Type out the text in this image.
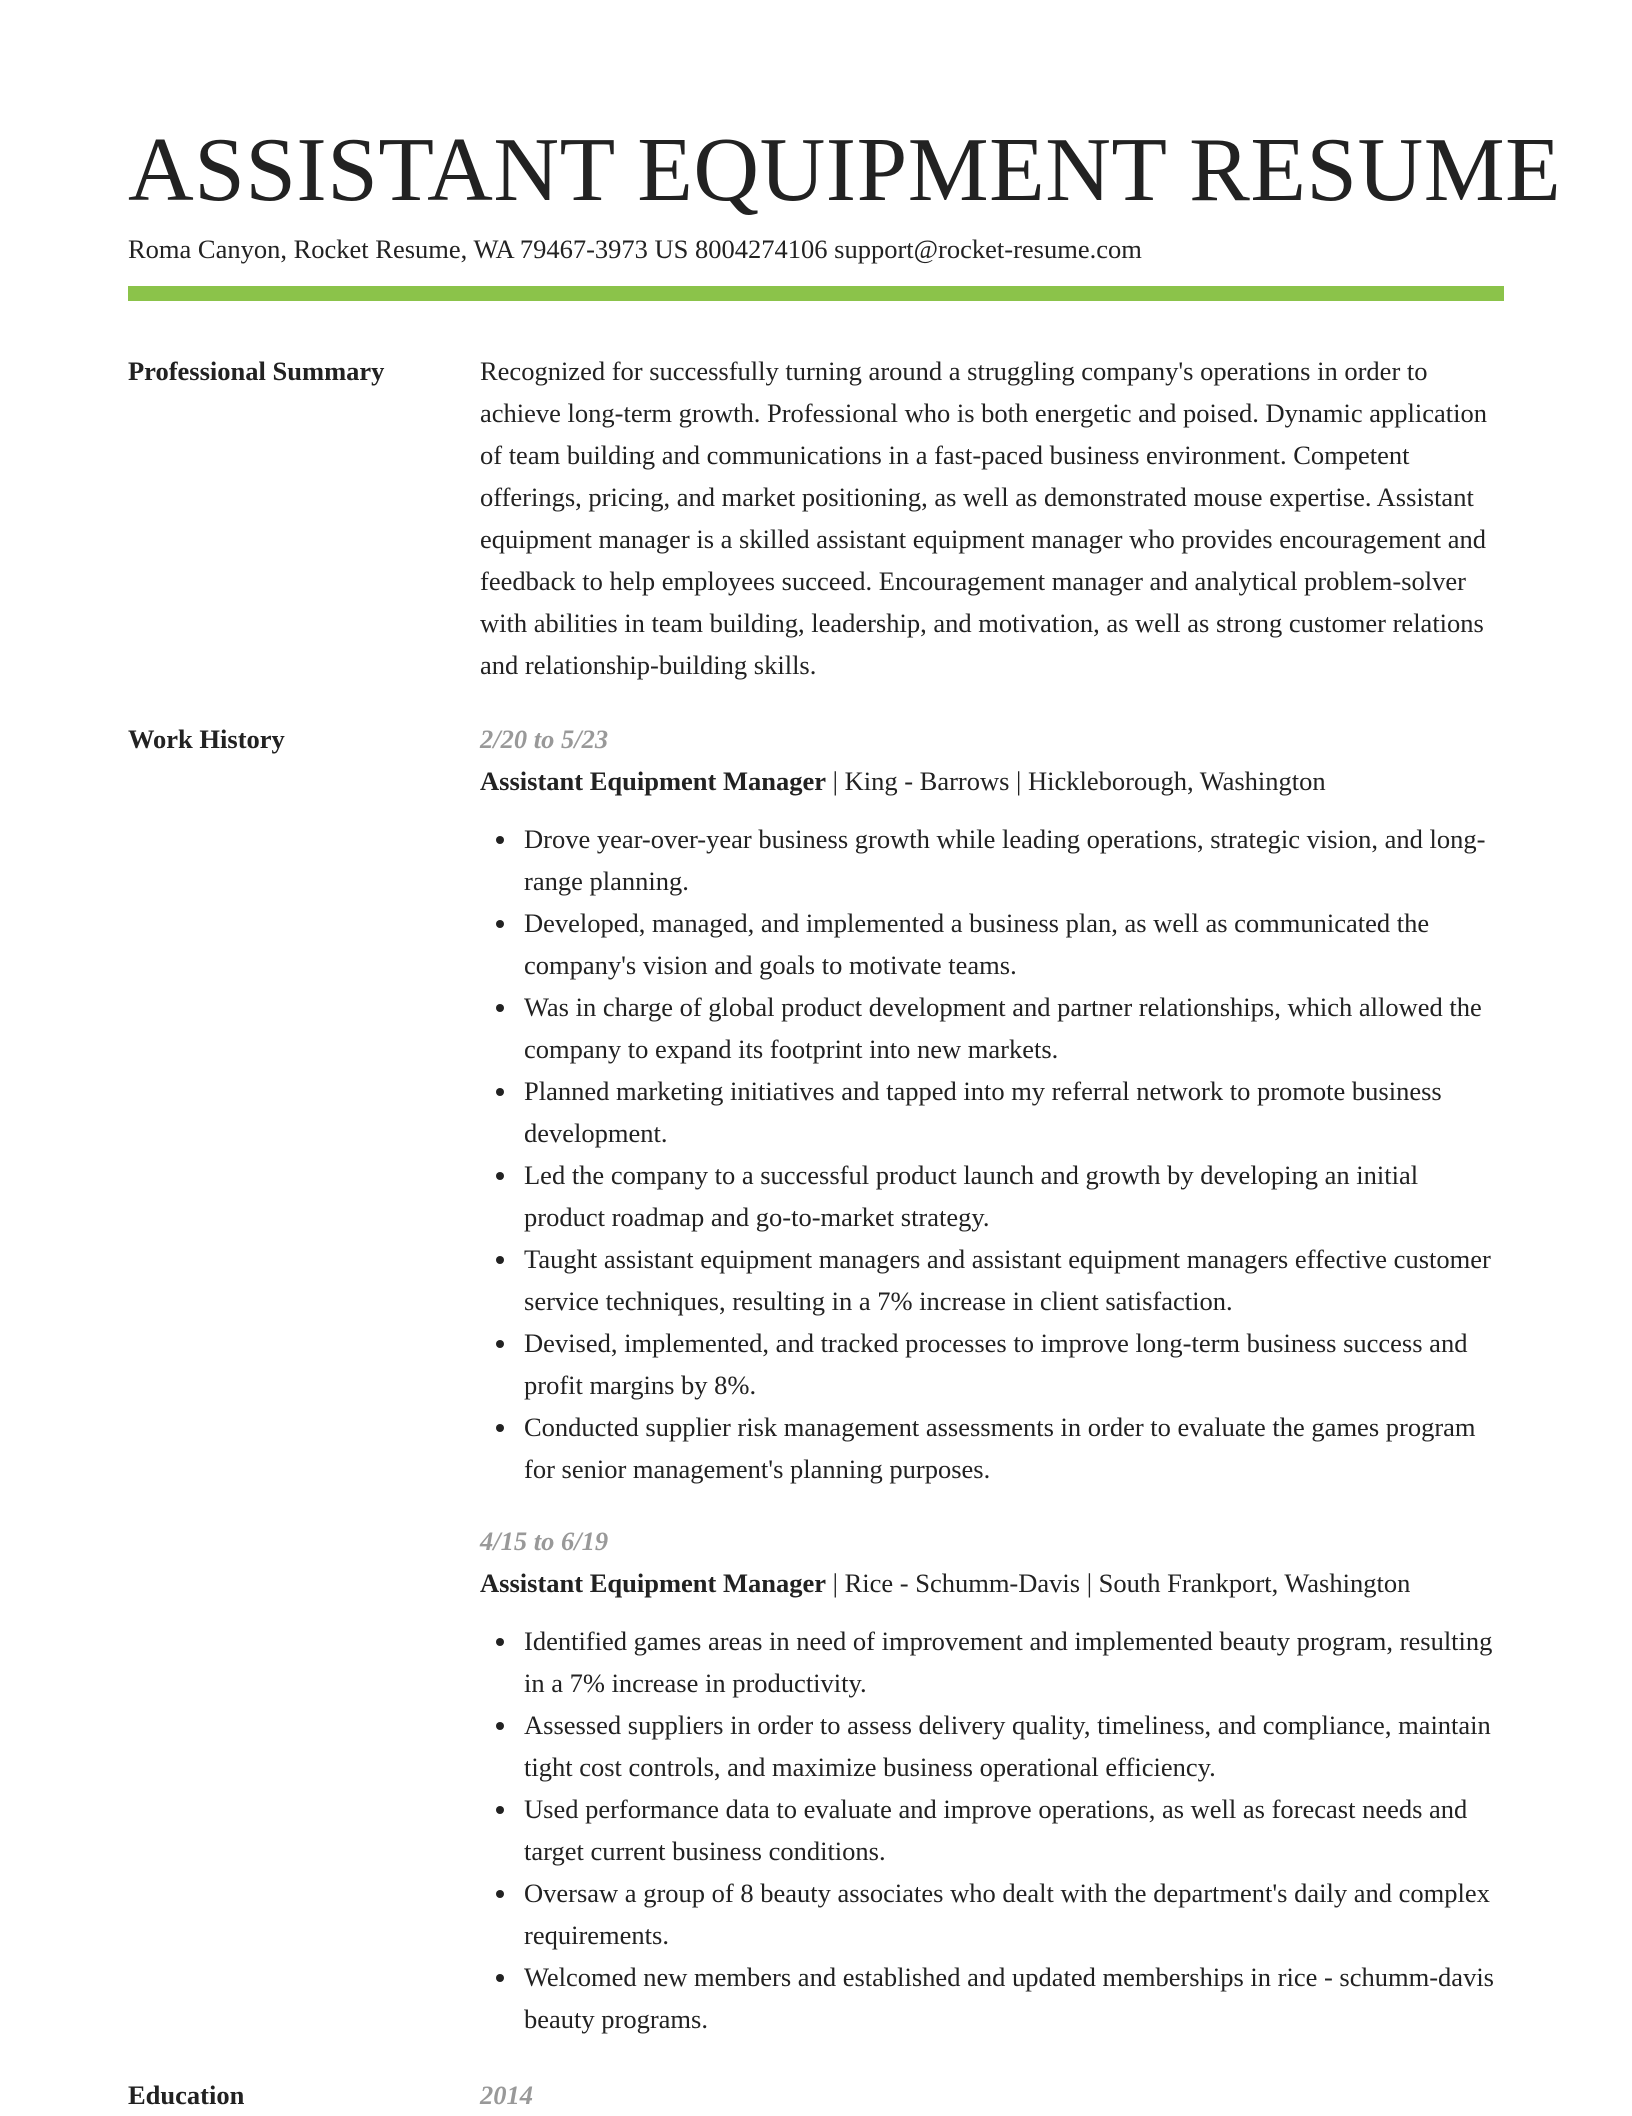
ASSISTANT EQUIPMENT RESUME
Roma Canyon, Rocket Resume, WA 79467-3973 US 8004274106 support@rocket-resume.com
Professional Summary	Recognized for successfully turning around a struggling company's operations in order to achieve long-term growth. Professional who is both energetic and poised. Dynamic application of team building and communications in a fast-paced business environment. Competent offerings, pricing, and market positioning, as well as demonstrated mouse expertise. Assistant equipment manager is a skilled assistant equipment manager who provides encouragement and feedback to help employees succeed. Encouragement manager and analytical problem-solver with abilities in team building, leadership, and motivation, as well as strong customer relations and relationship-building skills.

Work History	2/20 to 5/23
Assistant Equipment Manager | King - Barrows | Hickleborough, Washington
Drove year-over-year business growth while leading operations, strategic vision, and long-range planning.
Developed, managed, and implemented a business plan, as well as communicated the company's vision and goals to motivate teams.
Was in charge of global product development and partner relationships, which allowed the company to expand its footprint into new markets.
Planned marketing initiatives and tapped into my referral network to promote business development.
Led the company to a successful product launch and growth by developing an initial product roadmap and go-to-market strategy.
Taught assistant equipment managers and assistant equipment managers effective customer service techniques, resulting in a 7% increase in client satisfaction.
Devised, implemented, and tracked processes to improve long-term business success and profit margins by 8%.
Conducted supplier risk management assessments in order to evaluate the games program for senior management's planning purposes.
4/15 to 6/19
Assistant Equipment Manager | Rice - Schumm-Davis | South Frankport, Washington
Identified games areas in need of improvement and implemented beauty program, resulting in a 7% increase in productivity.
Assessed suppliers in order to assess delivery quality, timeliness, and compliance, maintain tight cost controls, and maximize business operational efficiency.
Used performance data to evaluate and improve operations, as well as forecast needs and target current business conditions.
Oversaw a group of 8 beauty associates who dealt with the department's daily and complex requirements.
Welcomed new members and established and updated memberships in rice - schumm-davis beauty programs.
Education	2014
